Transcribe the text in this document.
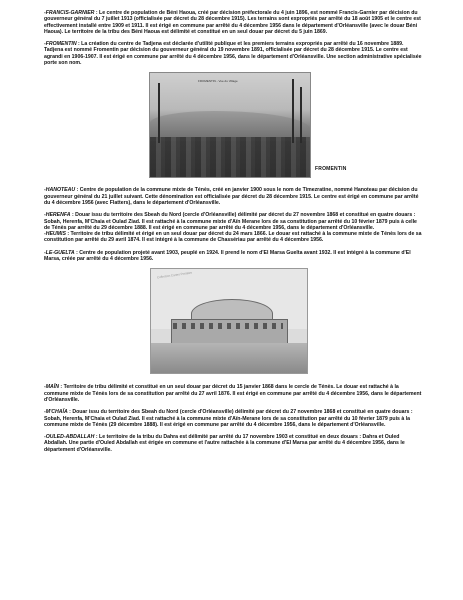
-FRANCIS-GARNIER : Le centre de population de Béni Haoua, créé par décision préfectorale du 4 juin 1896, est nommé Francis-Garnier par décision du gouverneur général du 7 juillet 1913 (officialisée par décret du 28 décembre 1915). Les terrains sont expropriés par arrêté du 18 août 1905 et le centre est effectivement installé entre 1909 et 1911. Il est érigé en commune par arrêté du 4 décembre 1956 dans le département d'Orléansville (avec le douar Béni Haoua). Le territoire de la tribu des Béni Haoua est délimité et constitué en un seul douar par décret du 5 juin 1869.

-FROMENTIN : La création du centre de Tadjena est déclarée d'utilité publique et les premiers terrains expropriés par arrêté du 16 novembre 1889. Tadjena est nommé Fromentin par décision du gouverneur général du 19 novembre 1891, officialisée par décret du 28 décembre 1915. Le centre est agrandi en 1906-1907. Il est érigé en commune par arrêté du 4 décembre 1956, dans le département d'Orléansville. Une section administrative spécialisée porte son nom.

FROMENTIN - Vue du Village
FROMENTIN

-HANOTEAU : Centre de population de la commune mixte de Ténès, créé en janvier 1900 sous le nom de Timezratine, nommé Hanoteau par décision du gouverneur général du 21 juillet suivant. Cette dénomination est officialisée par décret du 28 décembre 1915. Le centre est érigé en commune par arrêté du 4 décembre 1956 (avec Flatters), dans le département d'Orléansville.

-HERENFA : Douar issu du territoire des Sbeah du Nord (cercle d'Orléansville) délimité par décret du 27 novembre 1868 et constitué en quatre douars : Sobah, Herenfa, M'Chaia et Oulad Ziad. Il est rattaché à la commune mixte d'Aïn Merane lors de sa constitution par arrêté du 10 février 1879 puis à celle de Ténès par arrêté du 29 décembre 1888. Il est érigé en commune par arrêté du 4 décembre 1956, dans le département d'Orléansville.

-HEUMIS : Territoire de tribu délimité et érigé en un seul douar par décret du 24 mars 1866. Le douar est rattaché à la commune mixte de Ténès lors de sa constitution par arrêté du 29 avril 1874. Il est intégré à la commune de Chassériau par arrêté du 4 décembre 1956.

-LE-GUELTA : Centre de population projeté avant 1903, peuplé en 1924. Il prend le nom d'El Marsa Guelta avant 1932. Il est intégré à la commune d'El Marsa, créée par arrêté du 4 décembre 1956.

Collection Cartes Postales

-MAÏN : Territoire de tribu délimité et constitué en un seul douar par décret du 15 janvier 1868 dans le cercle de Ténès. Le douar est rattaché à la commune mixte de Ténès lors de sa constitution par arrêté du 27 avril 1876. Il est érigé en commune par arrêté du 4 décembre 1956, dans le département d'Orléansville.

-M'CHAÏA : Douar issu du territoire des Sbeah du Nord (cercle d'Orléansville) délimité par décret du 27 novembre 1868 et constitué en quatre douars : Sobah, Herenfa, M'Chaia et Oulad Ziad. Il est rattaché à la commune mixte d'Aïn-Merane lors de sa constitution par arrêté du 10 février 1879 puis à la commune mixte de Ténès (29 décembre 1888). Il est érigé en commune par arrêté du 4 décembre 1956, dans le département d'Orléansville.

-OULED-ABDALLAH : Le territoire de la tribu du Dahra est délimité par arrêté du 17 novembre 1903 et constitué en deux douars : Dahra et Ouled Abdallah. Une partie d'Ouled Abdallah est érigée en commune et l'autre rattachée à la commune d'El Marsa par arrêté du 4 décembre 1956, dans le département d'Orléansville.
